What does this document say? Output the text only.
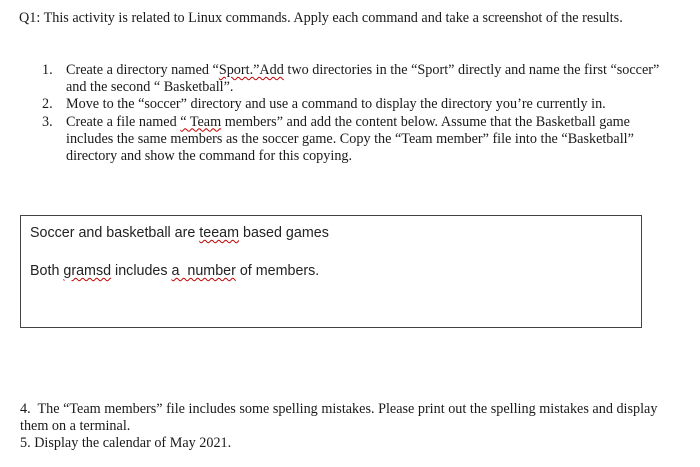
Q1: This activity is related to Linux commands. Apply each command and take a screenshot of the results.

1. Create a directory named “Sport.”Add two directories in the “Sport” directly and name the first “soccer” and the second “ Basketball”.
2. Move to the “soccer” directory and use a command to display the directory you’re currently in.
3. Create a file named “ Team members” and add the content below. Assume that the Basketball game includes the same members as the soccer game. Copy the “Team member” file into the “Basketball” directory and show the command for this copying.

Soccer and basketball are teeam based games

Both gramsd includes a  number of members.

4.  The “Team members” file includes some spelling mistakes. Please print out the spelling mistakes and display them on a terminal.

5. Display the calendar of May 2021.
